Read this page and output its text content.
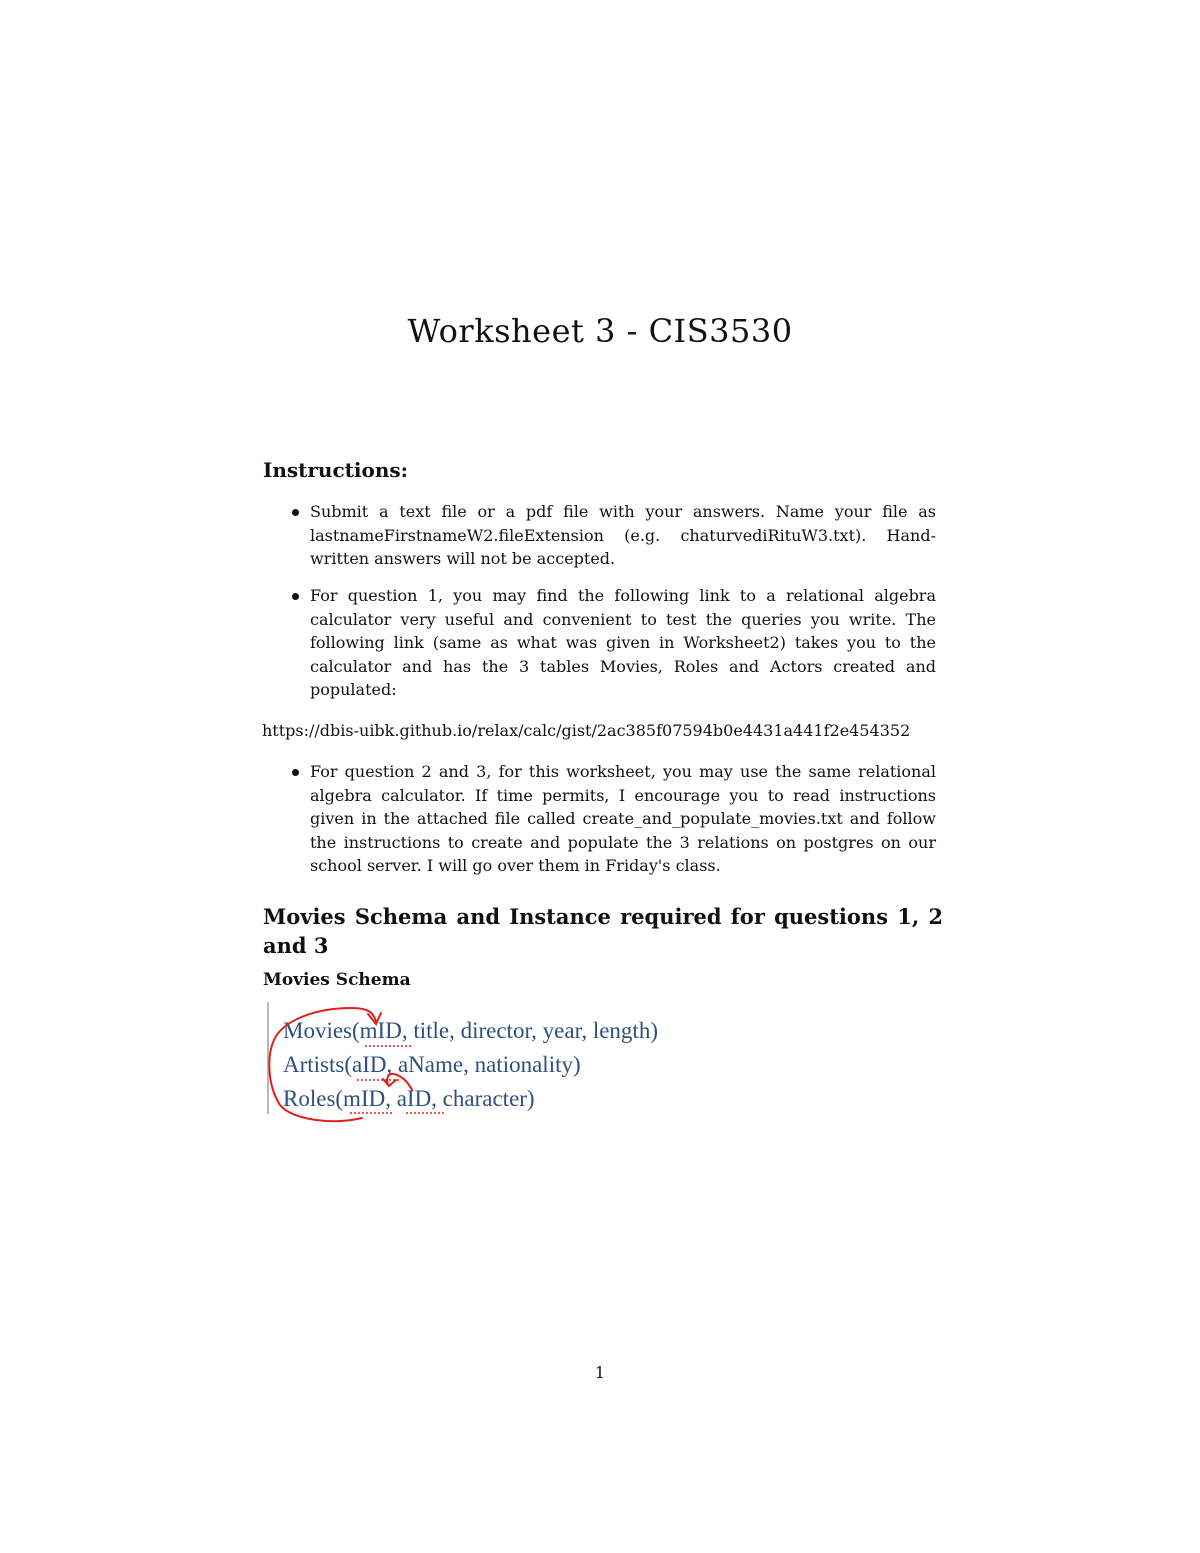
Worksheet 3 - CIS3530
Instructions:
Submit a text file or a pdf file with your answers. Name your file as lastnameFirstnameW2.fileExtension (e.g. chaturvediRituW3.txt). Hand-written answers will not be accepted.
For question 1, you may find the following link to a relational algebra calculator very useful and convenient to test the queries you write. The following link (same as what was given in Worksheet2) takes you to the calculator and has the 3 tables Movies, Roles and Actors created and populated:
https://dbis-uibk.github.io/relax/calc/gist/2ac385f07594b0e4431a441f2e454352
For question 2 and 3, for this worksheet, you may use the same relational algebra calculator. If time permits, I encourage you to read instructions given in the attached file called create_and_populate_movies.txt and follow the instructions to create and populate the 3 relations on postgres on our school server. I will go over them in Friday's class.
Movies Schema and Instance required for questions 1, 2 and 3
Movies Schema
Movies(mID, title, director, year, length)
Artists(aID, aName, nationality)
Roles(mID, aID, character)
1
